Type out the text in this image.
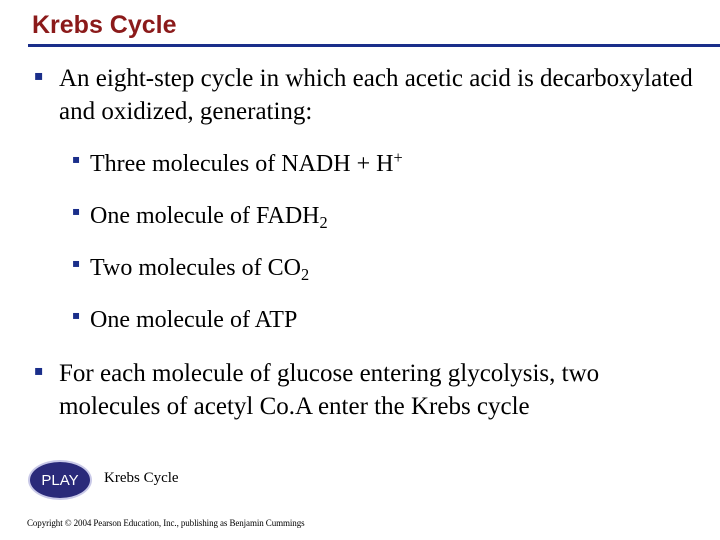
Krebs Cycle
▪ An eight-step cycle in which each acetic acid is decarboxylated and oxidized, generating:
▪ Three molecules of NADH + H+
▪ One molecule of $FADH_2$
▪ Two molecules of $CO_2$
▪ One molecule of ATP
▪ For each molecule of glucose entering glycolysis, two molecules of acetyl Co.A enter the Krebs cycle
PLAY Krebs Cycle
Copyright © 2004 Pearson Education, Inc., publishing as Benjamin Cummings
